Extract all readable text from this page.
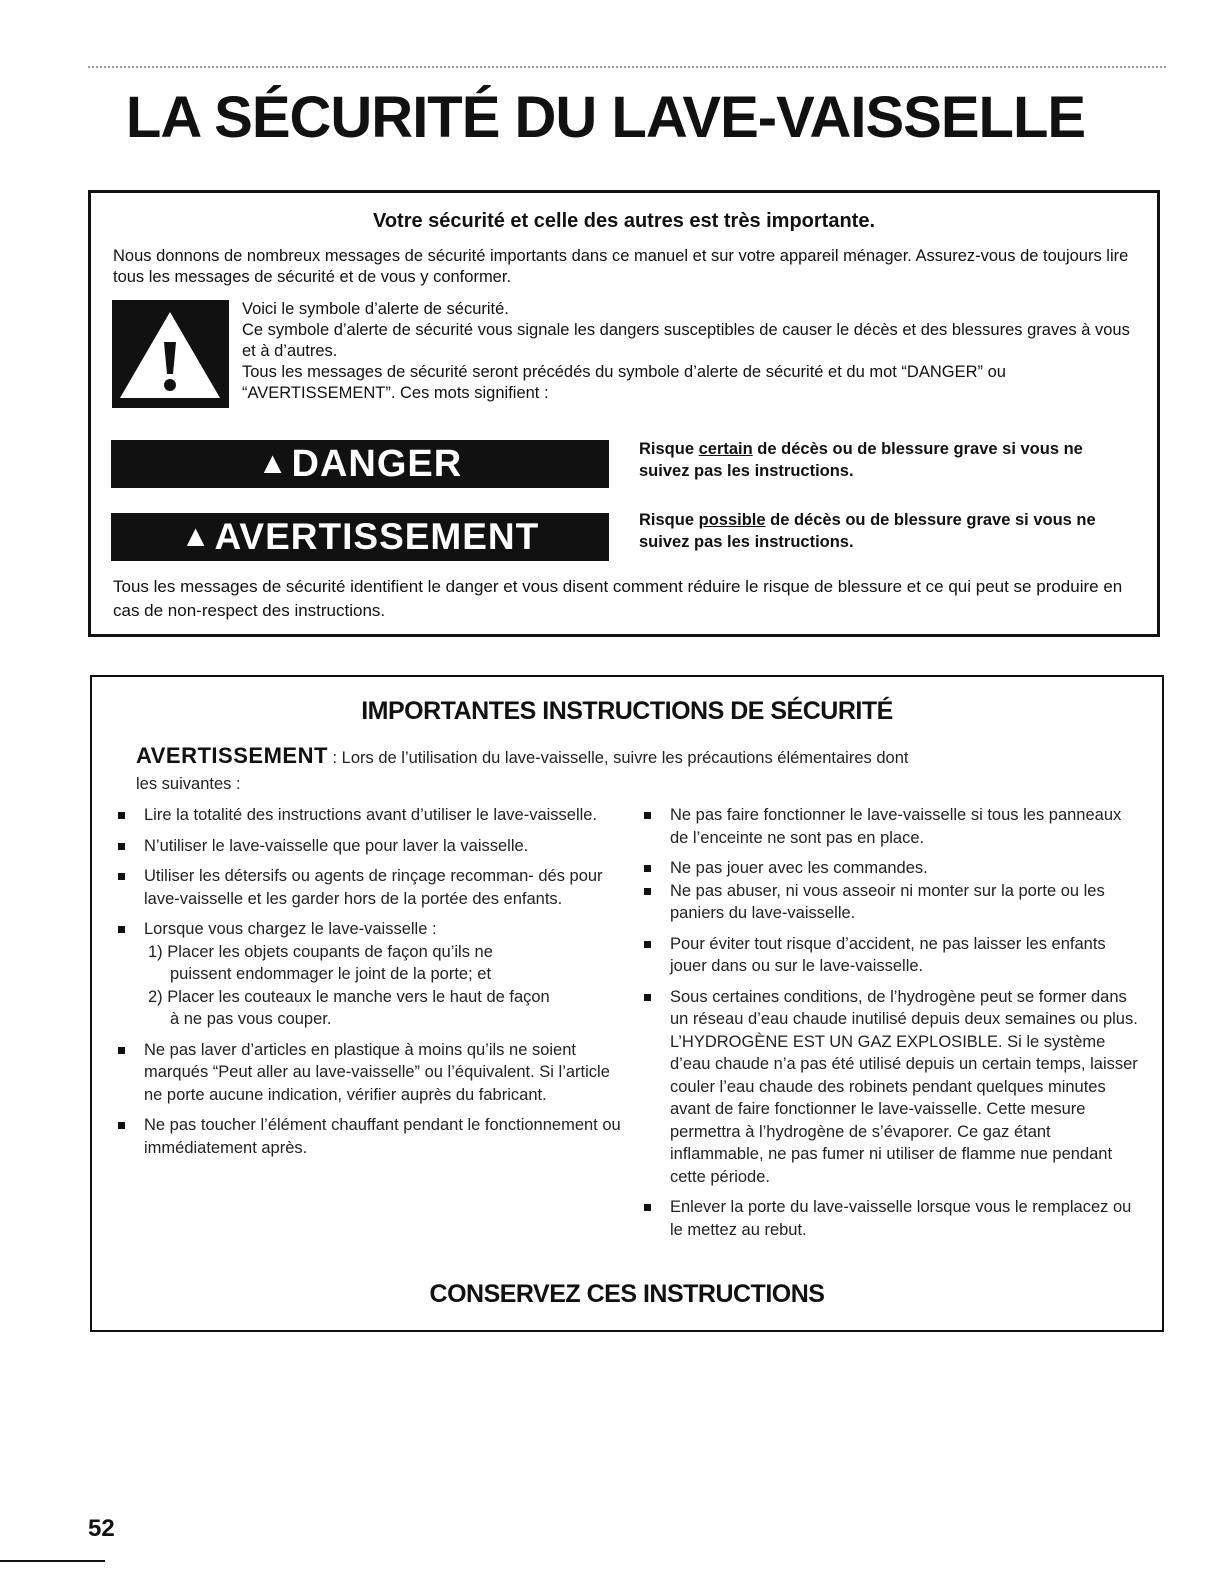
LA SÉCURITÉ DU LAVE-VAISSELLE
Votre sécurité et celle des autres est très importante.

Nous donnons de nombreux messages de sécurité importants dans ce manuel et sur votre appareil ménager. Assurez-vous de toujours lire tous les messages de sécurité et de vous y conformer.

Voici le symbole d’alerte de sécurité.

Ce symbole d’alerte de sécurité vous signale les dangers susceptibles de causer le décès et des blessures graves à vous et à d’autres.

Tous les messages de sécurité seront précédés du symbole d’alerte de sécurité et du mot “DANGER” ou “AVERTISSEMENT”. Ces mots signifient :

▲ DANGER	Risque certain de décès ou de blessure grave si vous ne suivez pas les instructions.

▲ AVERTISSEMENT	Risque possible de décès ou de blessure grave si vous ne suivez pas les instructions.

Tous les messages de sécurité identifient le danger et vous disent comment réduire le risque de blessure et ce qui peut se produire en cas de non-respect des instructions.

IMPORTANTES INSTRUCTIONS DE SÉCURITÉ
AVERTISSEMENT : Lors de l’utilisation du lave-vaisselle, suivre les précautions élémentaires dont
les suivantes :
Lire la totalité des instructions avant d’utiliser le lave-vaisselle.
N’utiliser le lave-vaisselle que pour laver la vaisselle.
Utiliser les détersifs ou agents de rinçage recomman- dés pour lave-vaisselle et les garder hors de la portée des enfants.
Lorsque vous chargez le lave-vaisselle :
1) Placer les objets coupants de façon qu’ils ne
puissent endommager le joint de la porte; et
2) Placer les couteaux le manche vers le haut de façon
à ne pas vous couper.
Ne pas laver d’articles en plastique à moins qu’ils ne soient marqués “Peut aller au lave-vaisselle” ou l’équivalent. Si l’article ne porte aucune indication, vérifier auprès du fabricant.
Ne pas toucher l’élément chauffant pendant le fonctionnement ou immédiatement après.
Ne pas faire fonctionner le lave-vaisselle si tous les panneaux de l’enceinte ne sont pas en place.
Ne pas jouer avec les commandes.
Ne pas abuser, ni vous asseoir ni monter sur la porte ou les paniers du lave-vaisselle.
Pour éviter tout risque d’accident, ne pas laisser les enfants jouer dans ou sur le lave-vaisselle.
Sous certaines conditions, de l’hydrogène peut se former dans un réseau d’eau chaude inutilisé depuis deux semaines ou plus. L’HYDROGÈNE EST UN GAZ EXPLOSIBLE. Si le système d’eau chaude n’a pas été utilisé depuis un certain temps, laisser couler l’eau chaude des robinets pendant quelques minutes avant de faire fonctionner le lave-vaisselle. Cette mesure permettra à l’hydrogène de s’évaporer. Ce gaz étant inflammable, ne pas fumer ni utiliser de flamme nue pendant cette période.
Enlever la porte du lave-vaisselle lorsque vous le remplacez ou le mettez au rebut.
CONSERVEZ CES INSTRUCTIONS
52
